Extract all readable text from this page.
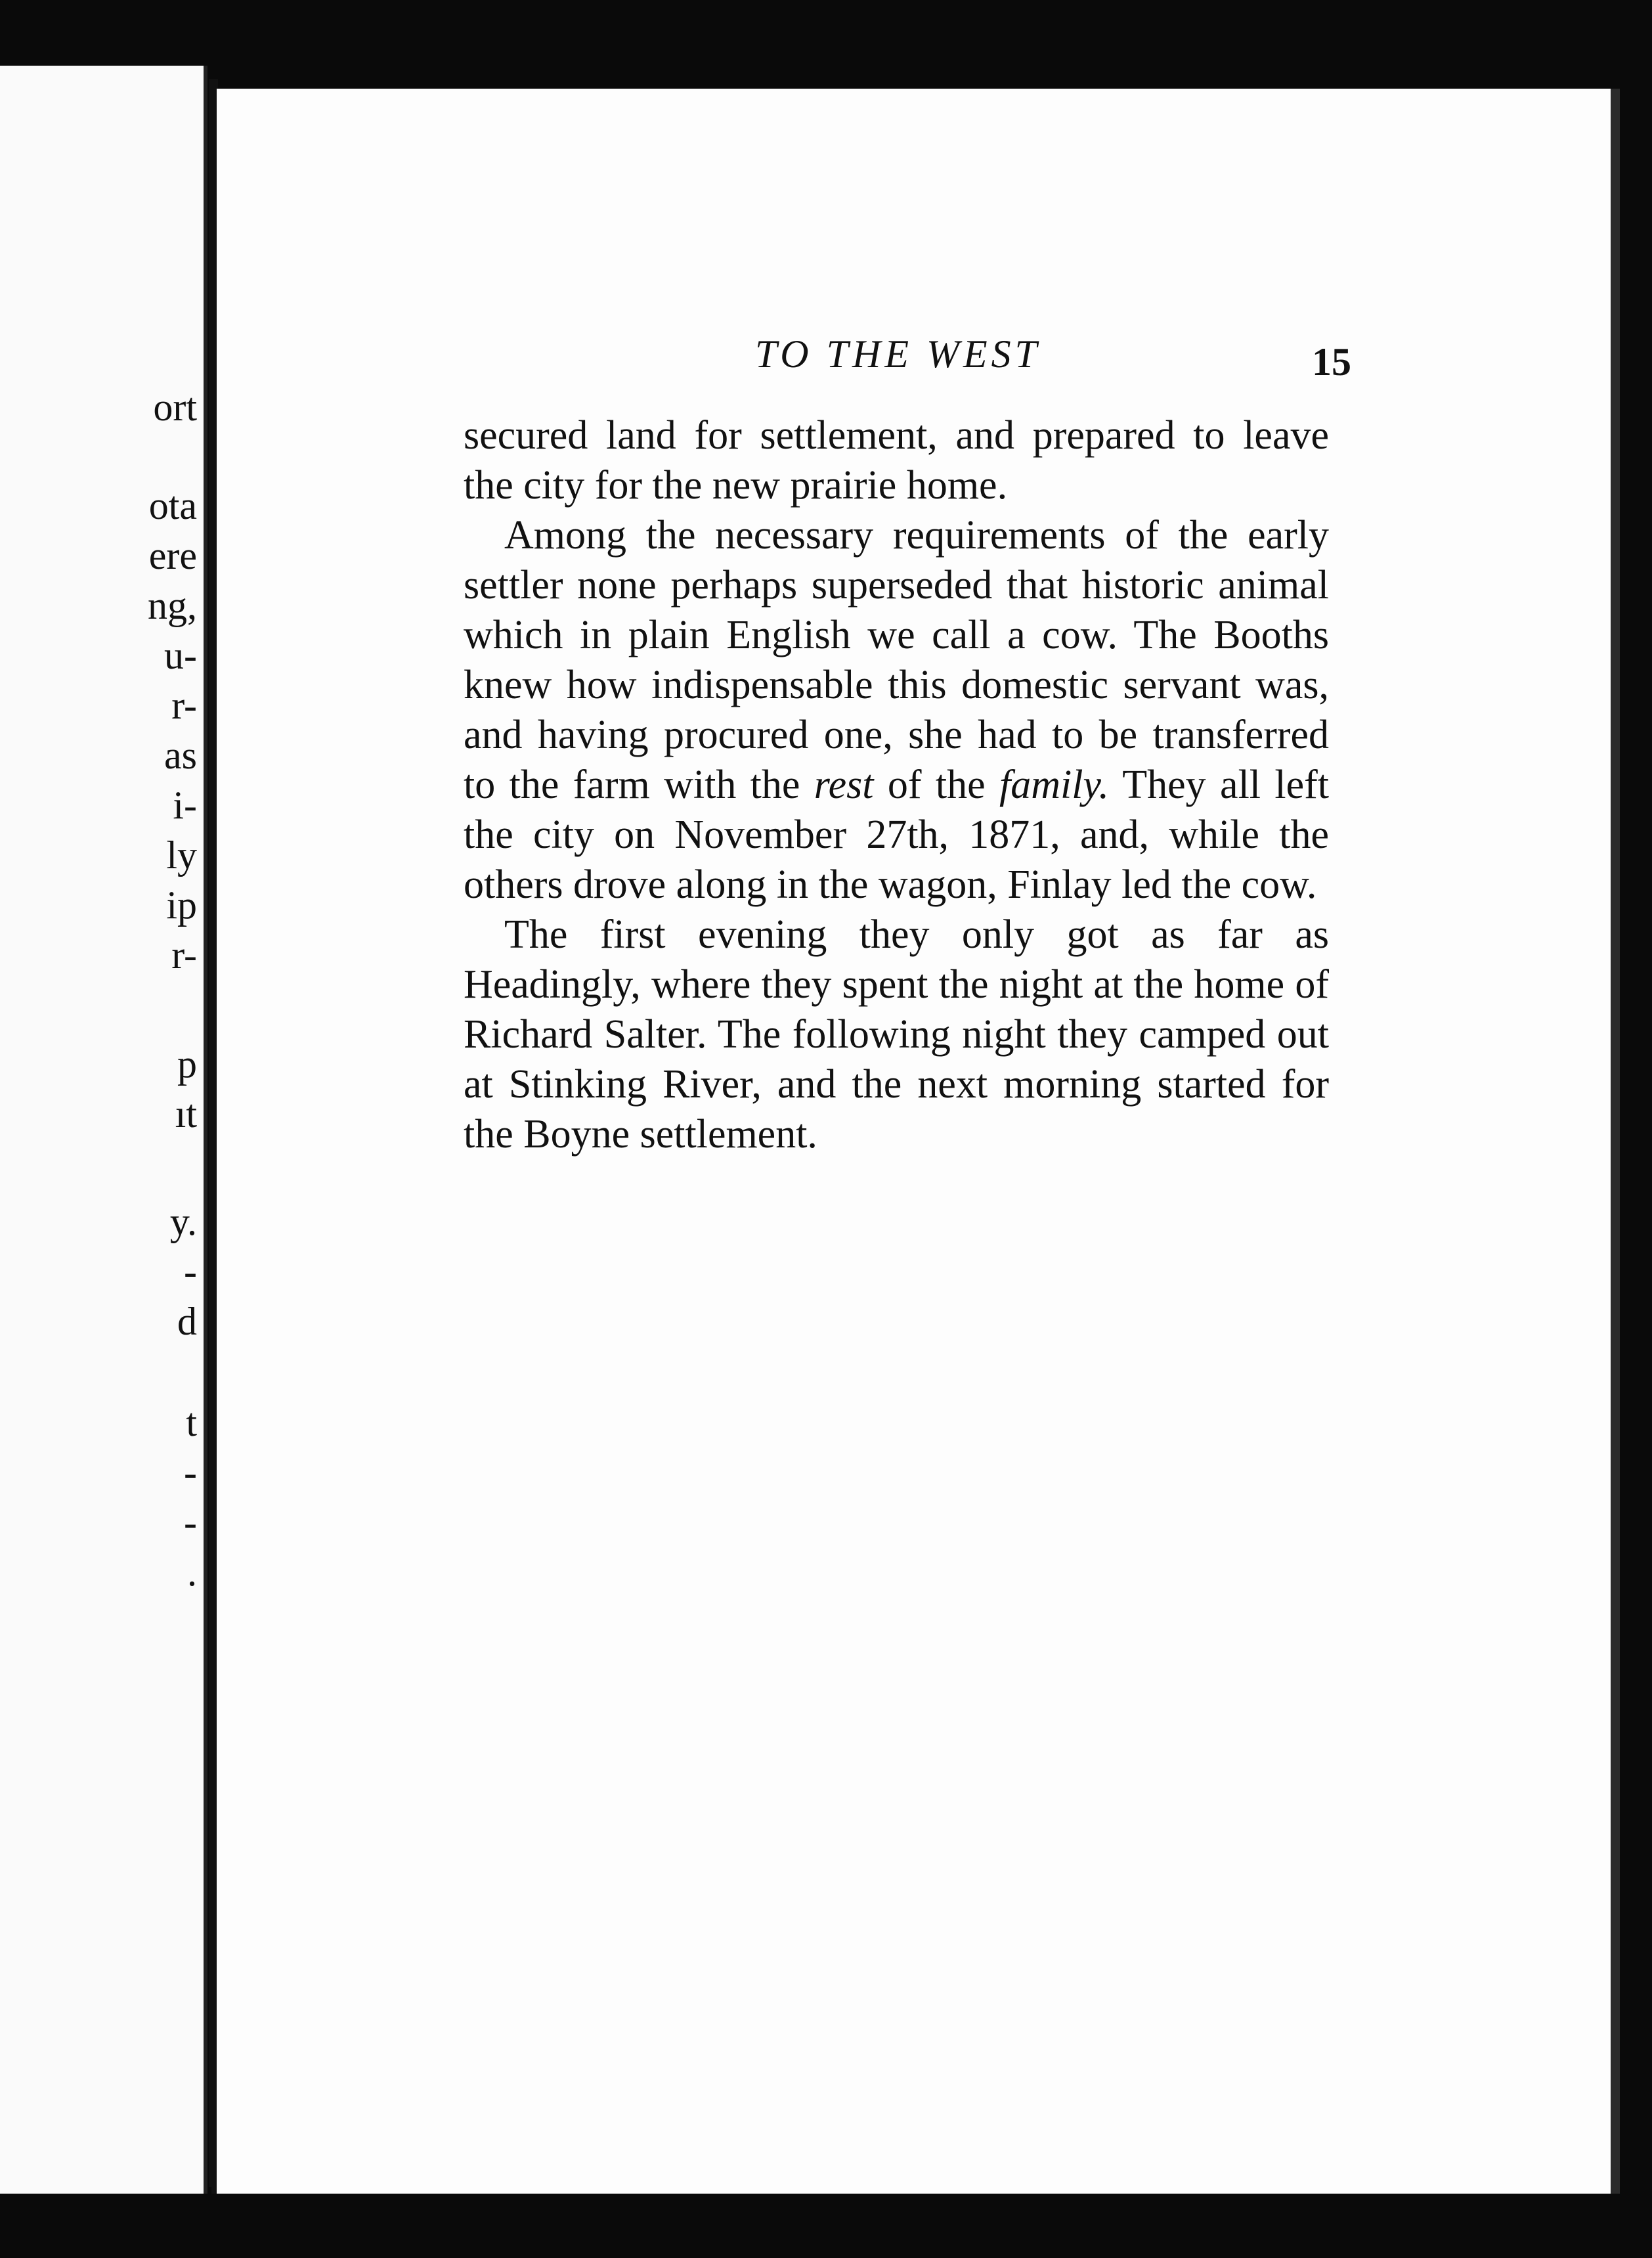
ort
ota
ere
ng,
u-
r-
as
i-
ly
ip
r-
p
ıt
y.
-
d
t
-
-
.
TO THE WEST	15

secured land for settlement, and prepared to leave the city for the new prairie home.

Among the necessary requirements of the early settler none perhaps superseded that historic animal which in plain English we call a cow. The Booths knew how indispensable this domestic servant was, and having procured one, she had to be transferred to the farm with the rest of the family. They all left the city on November 27th, 1871, and, while the others drove along in the wagon, Finlay led the cow.

The first evening they only got as far as Headingly, where they spent the night at the home of Richard Salter. The following night they camped out at Stinking River, and the next morning started for the Boyne settlement.
